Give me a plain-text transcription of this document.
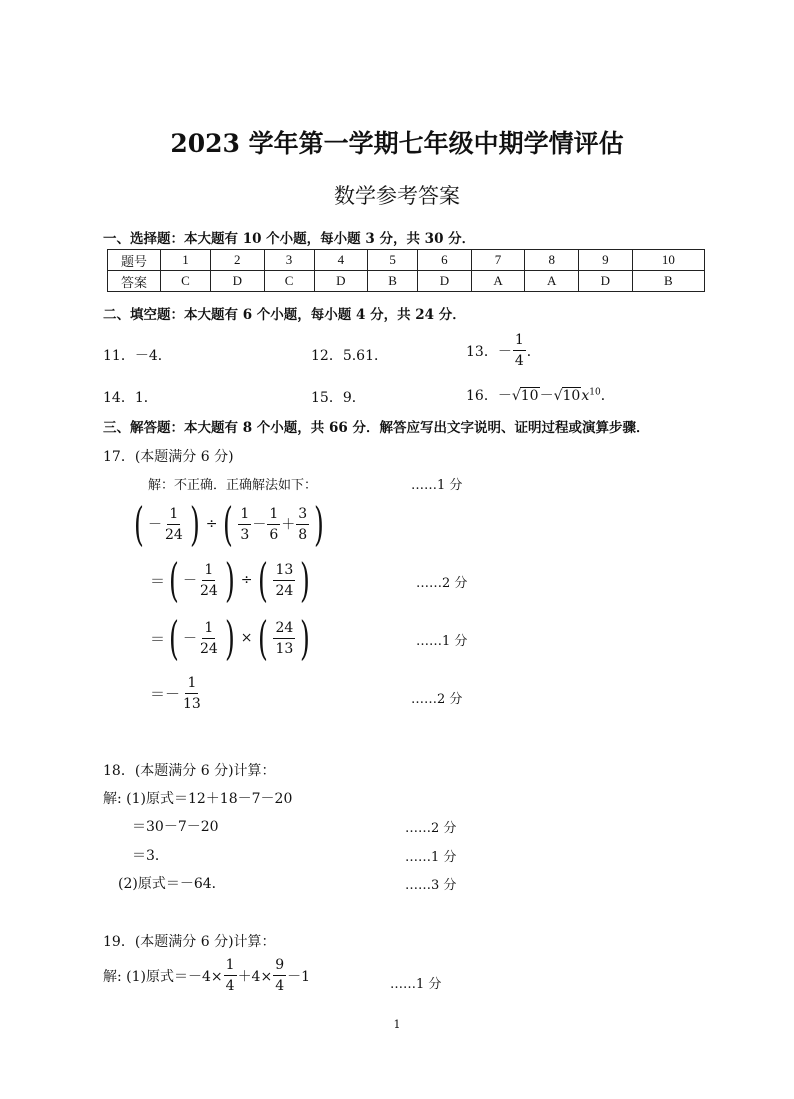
2023 学年第一学期七年级中期学情评估
数学参考答案
一、选择题：本大题有 10 个小题，每小题 3 分，共 30 分．
题号	1	2	3	4	5	6	7	8	9	10
答案	C	D	C	D	B	D	A	A	D	B
二、填空题：本大题有 6 个小题，每小题 4 分，共 24 分．
11．－4．	12．5.61．	13．－ $\frac{1}{4}$ ．
14．1．	15．9．	16．$-√10-√10x^{10}$．
三、解答题：本大题有 8 个小题，共 66 分．解答应写出文字说明、证明过程或演算步骤．
17．(本题满分 6 分)
解：不正确．正确解法如下：	……1 分
( － $\frac{1}{24}$ ) ÷ ( $\frac{1}{3} - \frac{1}{6} + \frac{3}{8}$ )
＝ ( － $\frac{1}{24}$ ) ÷ ( $\frac{13}{24}$ )	……2 分
＝ ( － $\frac{1}{24}$ ) × ( $\frac{24}{13}$ )	……1 分
＝－ $\frac{1}{13}$	……2 分
18．(本题满分 6 分)计算：
解: (1)原式＝12＋18－7－20
＝30－7－20	……2 分
＝3．	……1 分
(2)原式＝－64．	……3 分
19．(本题满分 6 分)计算：
解: (1)原式$=-4\times \frac{1}{4} +4\times \frac{9}{4} -1$	……1 分
1
